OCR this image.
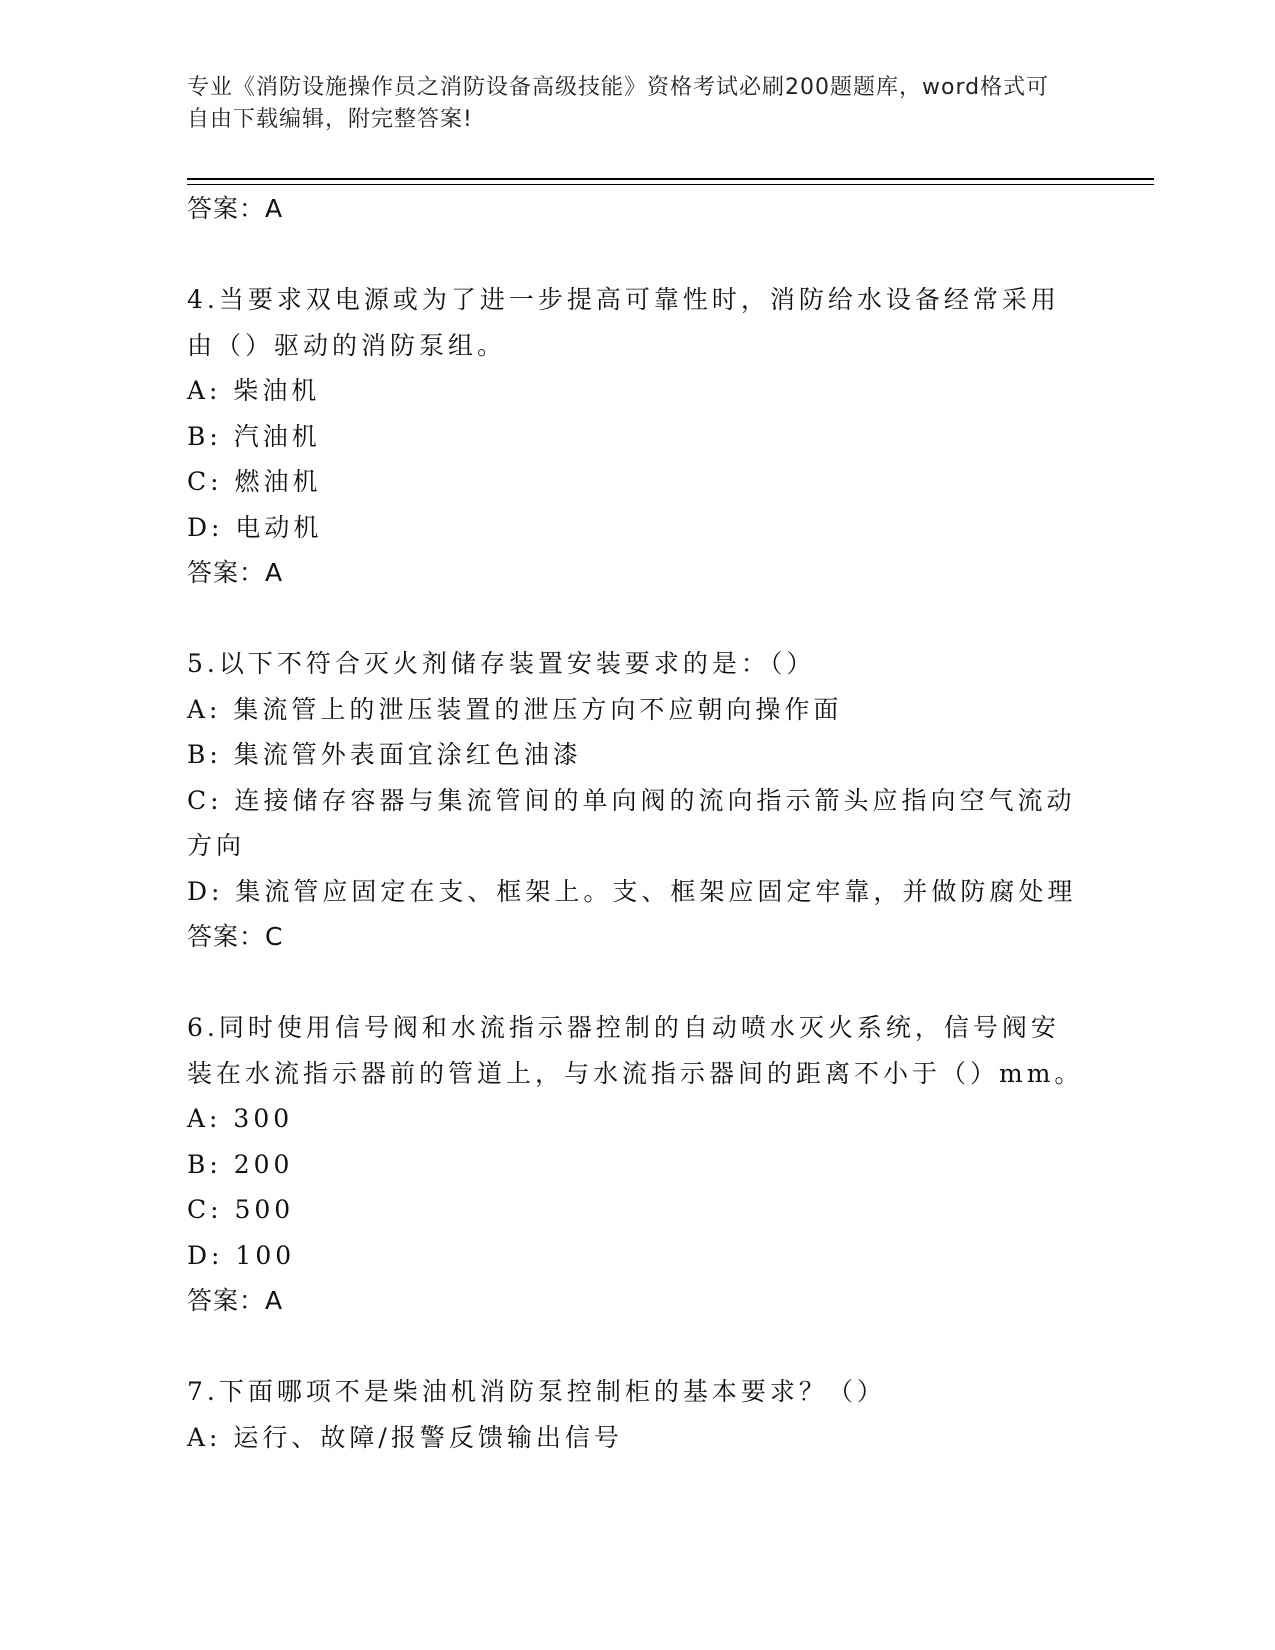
专业《消防设施操作员之消防设备高级技能》资格考试必刷200题题库，word格式可自由下载编辑，附完整答案!
答案：A
4.当要求双电源或为了进一步提高可靠性时，消防给水设备经常采用由（）驱动的消防泵组。
A: 柴油机
B: 汽油机
C: 燃油机
D: 电动机
答案：A
5.以下不符合灭火剂储存装置安装要求的是：（）
A: 集流管上的泄压装置的泄压方向不应朝向操作面
B: 集流管外表面宜涂红色油漆
C: 连接储存容器与集流管间的单向阀的流向指示箭头应指向空气流动方向
D: 集流管应固定在支、框架上。支、框架应固定牢靠，并做防腐处理
答案：C
6.同时使用信号阀和水流指示器控制的自动喷水灭火系统，信号阀安装在水流指示器前的管道上，与水流指示器间的距离不小于（）mm。
A: 300
B: 200
C: 500
D: 100
答案：A
7.下面哪项不是柴油机消防泵控制柜的基本要求？（）
A: 运行、故障/报警反馈输出信号
